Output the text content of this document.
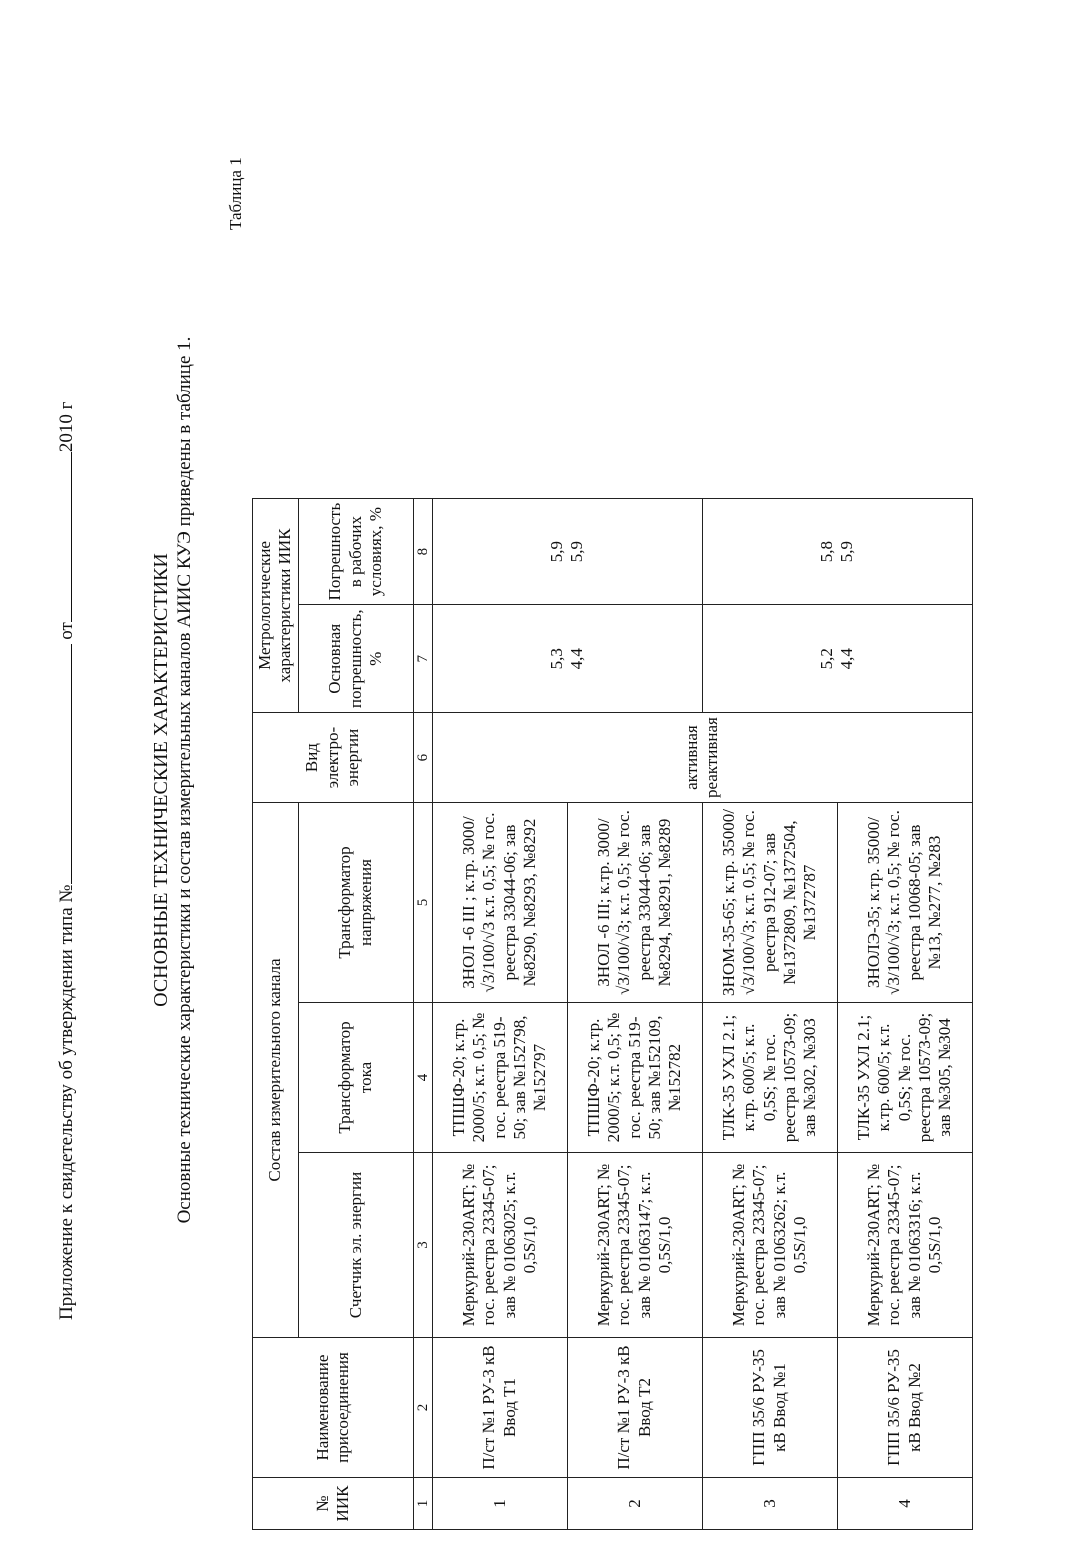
Приложение к свидетельству об утверждении типа № от2010 г
ОСНОВНЫЕ ТЕХНИЧЕСКИЕ ХАРАКТЕРИСТИКИ Основные технические характеристики и состав измерительных каналов АИИС КУЭ приведены в таблице 1.
Таблица 1
№ ИИК	Наименование присоединения	Состав измерительного канала			Вид электро-энергии	Метрологические характеристики ИИК	
		Счетчик эл. энергии	Трансформатор тока	Трансформатор напряжения		Основная погрешность, %	Погрешность в рабочих условиях, %
1	2	3	4	5	6	7	8
1	П/ст №1 РУ-3 кВ Ввод Т1	Меркурий-230ART; № гос. реестра 23345-07; зав № 01063025; к.т. 0,5S/1,0	ТПШФ-20; к.тр. 2000/5; к.т. 0,5; № гос. реестра 519-50; зав №152798, №152797	ЗНОЛ -6 III ; к.тр. 3000/√3/100/√3 к.т. 0,5; № гос. реестра 33044-06; зав №8290, №8293, №8292	активная реактивная	5,3 4,4	5,9 5,9

2	П/ст №1 РУ-3 кВ Ввод Т2	Меркурий-230ART; № гос. реестра 23345-07; зав № 01063147; к.т. 0,5S/1,0	ТПШФ-20; к.тр. 2000/5; к.т. 0,5; № гос. реестра 519-50; зав №152109, №152782	ЗНОЛ -6 III; к.тр. 3000/√3/100/√3; к.т. 0,5; № гос. реестра 33044-06; зав №8294, №8291, №8289			
3	ГПП 35/6 РУ-35 кВ Ввод №1	Меркурий-230ART; № гос. реестра 23345-07; зав № 01063262; к.т. 0,5S/1,0	ТЛК-35 УХЛ 2.1; к.тр. 600/5; к.т. 0,5S; № гос. реестра 10573-09; зав №302, №303	ЗНОМ-35-65; к.тр. 35000/√3/100/√3; к.т. 0,5; № гос. реестра 912-07; зав №1372809, №1372504, №1372787		5,2 4,4	5,8 5,9

4	ГПП 35/6 РУ-35 кВ Ввод №2	Меркурий-230ART; № гос. реестра 23345-07; зав № 01063316; к.т. 0,5S/1,0	ТЛК-35 УХЛ 2.1; к.тр. 600/5; к.т. 0,5S; № гос. реестра 10573-09; зав №305, №304	ЗНОЛЭ-35; к.тр. 35000/√3/100/√3; к.т. 0,5; № гос. реестра 10068-05; зав №13, №277, №283			
